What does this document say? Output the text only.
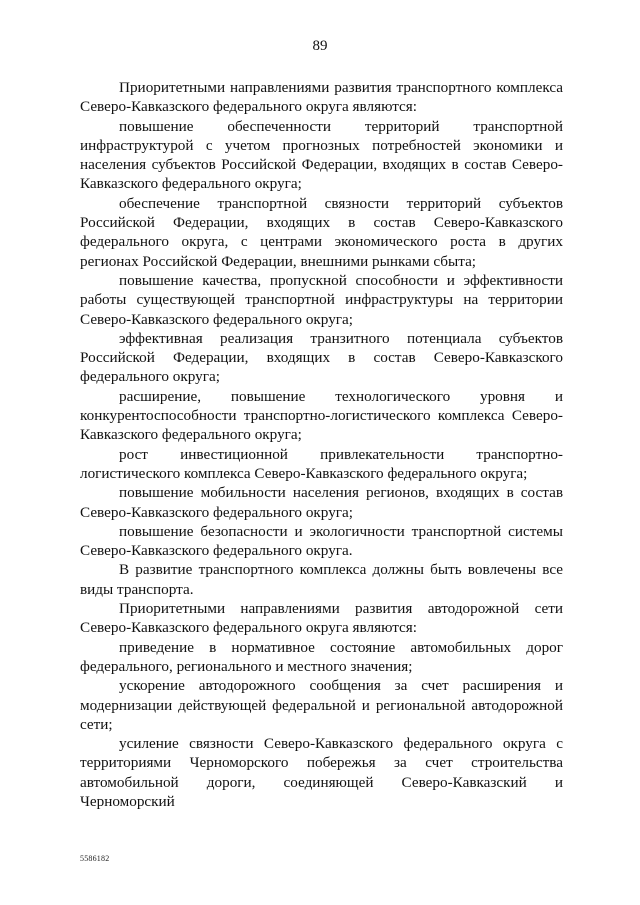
89

Приоритетными направлениями развития транспортного комплекса Северо-Кавказского федерального округа являются:

повышение обеспеченности территорий транспортной инфраструктурой с учетом прогнозных потребностей экономики и населения субъектов Российской Федерации, входящих в состав Северо-Кавказского федерального округа;

обеспечение транспортной связности территорий субъектов Российской Федерации, входящих в состав Северо-Кавказского федерального округа, с центрами экономического роста в других регионах Российской Федерации, внешними рынками сбыта;

повышение качества, пропускной способности и эффективности работы существующей транспортной инфраструктуры на территории Северо-Кавказского федерального округа;

эффективная реализация транзитного потенциала субъектов Российской Федерации, входящих в состав Северо-Кавказского федерального округа;

расширение, повышение технологического уровня и конкурентоспособности транспортно-логистического комплекса Северо-Кавказского федерального округа;

рост инвестиционной привлекательности транспортно-логистического комплекса Северо-Кавказского федерального округа;

повышение мобильности населения регионов, входящих в состав Северо-Кавказского федерального округа;

повышение безопасности и экологичности транспортной системы Северо-Кавказского федерального округа.

В развитие транспортного комплекса должны быть вовлечены все виды транспорта.

Приоритетными направлениями развития автодорожной сети Северо-Кавказского федерального округа являются:

приведение в нормативное состояние автомобильных дорог федерального, регионального и местного значения;

ускорение автодорожного сообщения за счет расширения и модернизации действующей федеральной и региональной автодорожной сети;

усиление связности Северо-Кавказского федерального округа с территориями Черноморского побережья за счет строительства автомобильной дороги, соединяющей Северо-Кавказский и Черноморский

5586182
